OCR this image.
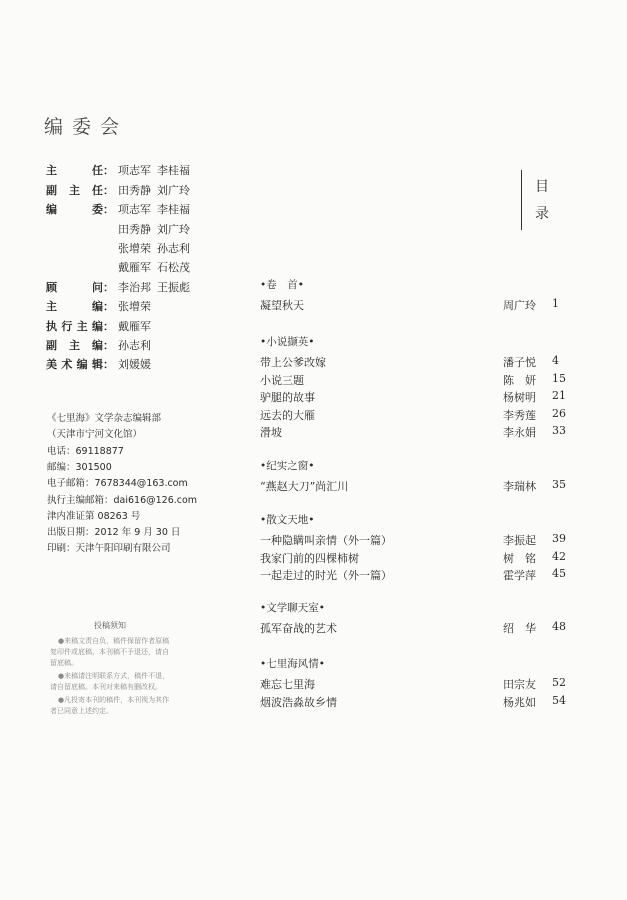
编委会
主 任： 项志军 李桂福
副 主 任： 田秀静 刘广玲
编 委： 项志军 李桂福
　田秀静 刘广玲
　张增荣 孙志利
　戴雁军 石松茂
顾 问： 李治邦 王振彪
主 编： 张增荣
执行主编： 戴雁军
副 主 编： 孙志利
美术编辑： 刘媛媛
《七里海》文学杂志编辑部
（天津市宁河文化馆）
电话：69118877
邮编：301500
电子邮箱：7678344@163.com
执行主编邮箱：dai616@126.com
津内准证第 08263 号
出版日期：2012 年 9 月 30 日
印刷：天津午阳印刷有限公司
投稿须知

●来稿文责自负，稿件保留作者原稿复印件或底稿，本刊稿不予退还，请自留底稿。

●来稿请注明联系方式，稿件不退，请自留底稿。本刊对来稿有删改权。

●凡投寄本刊的稿件，本刊视为其作者已同意上述约定。

目
录
•卷　首•
凝望秋天	周广玲 1
•小说撷英•
带上公爹改嫁	潘子悦 4
小说三题	陈　妍 15
驴腿的故事	杨树明 21
远去的大雁	李秀莲 26
滑坡	李永娟 33
•纪实之窗•
“燕赵大刀”尚汇川	李瑞林 35
•散文天地•
一种隐瞒叫亲情（外一篇）	李振起 39
我家门前的四棵柿树	树　铭 42
一起走过的时光（外一篇）	霍学萍 45
•文学聊天室•
孤军奋战的艺术	绍　华 48
•七里海风情•
难忘七里海	田宗友 52
烟波浩淼故乡情	杨兆如 54
